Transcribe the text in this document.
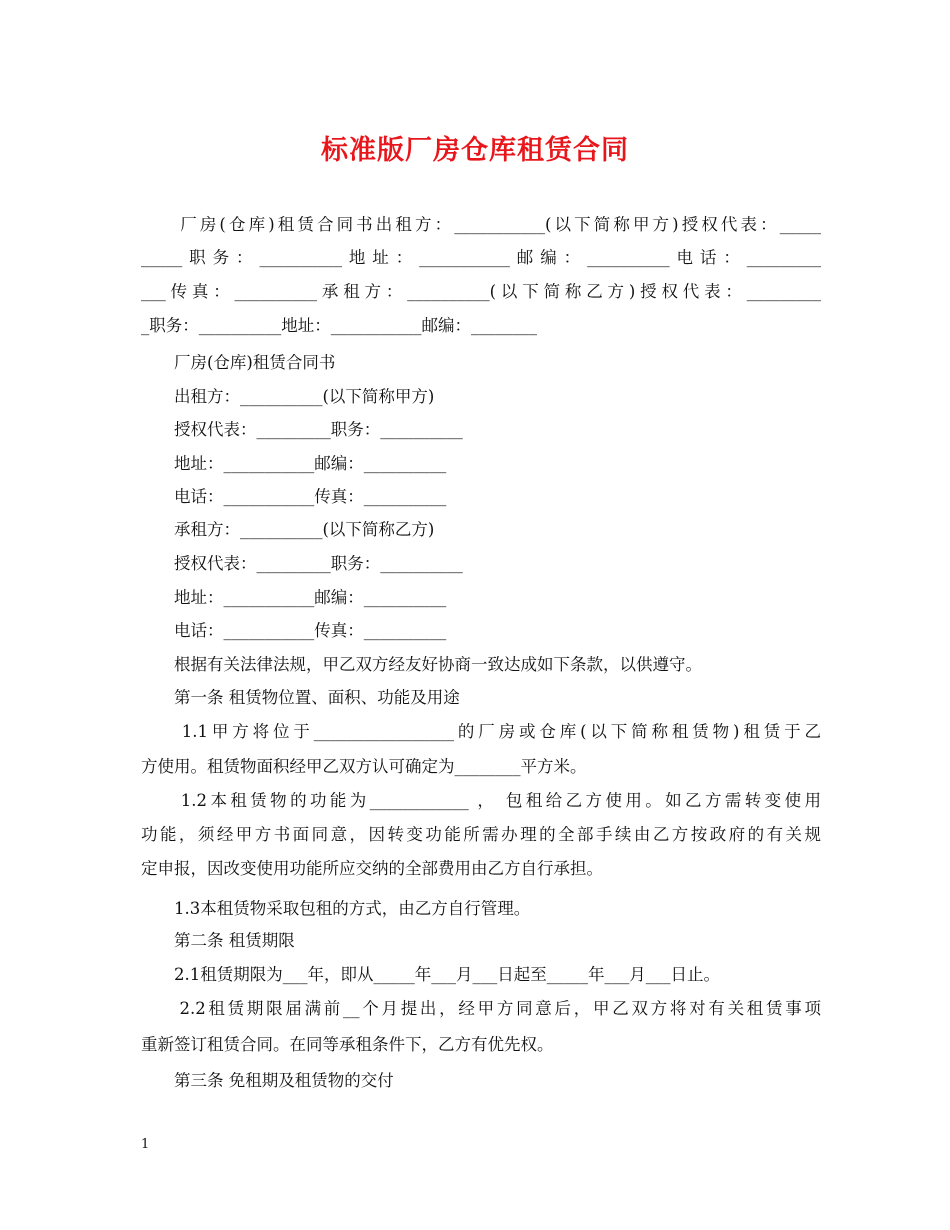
标准版厂房仓库租赁合同
　　厂房(仓库)租赁合同书出租方：___________(以下简称甲方)授权代表：_____
_____职务：__________地址：___________邮编：__________电话：_________
___传真：__________承租方：__________(以下简称乙方)授权代表：_________
_职务：__________地址：___________邮编：________
　　厂房(仓库)租赁合同书
　　出租方：__________(以下简称甲方)
　　授权代表：_________职务：__________
　　地址：___________邮编：__________
　　电话：___________传真：__________
　　承租方：__________(以下简称乙方)
　　授权代表：_________职务：__________
　　地址：___________邮编：__________
　　电话：___________传真：__________
　　根据有关法律法规，甲乙双方经友好协商一致达成如下条款，以供遵守。
　　第一条 租赁物位置、面积、功能及用途
　　1.1甲方将位于_________________的厂房或仓库(以下简称租赁物)租赁于乙
方使用。租赁物面积经甲乙双方认可确定为________平方米。
　　1.2本租赁物的功能为____________ ， 包租给乙方使用。如乙方需转变使用
功能，须经甲方书面同意，因转变功能所需办理的全部手续由乙方按政府的有关规
定申报，因改变使用功能所应交纳的全部费用由乙方自行承担。
　　1.3本租赁物采取包租的方式，由乙方自行管理。
　　第二条 租赁期限
　　2.1租赁期限为___年，即从_____年___月___日起至_____年___月___日止。
　　2.2租赁期限届满前__个月提出，经甲方同意后，甲乙双方将对有关租赁事项
重新签订租赁合同。在同等承租条件下，乙方有优先权。
　　第三条 免租期及租赁物的交付
1
